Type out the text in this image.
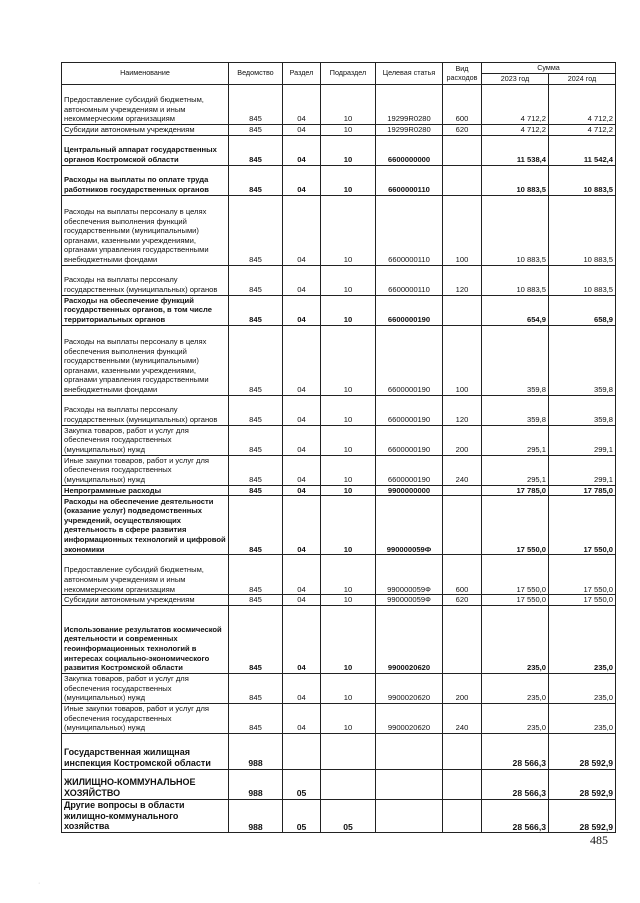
Наименование	Ведомство	Раздел	Подраздел	Целевая статья	Вид расходов	Сумма	
						2023 год	2024 год
Предоставление субсидий бюджетным, автономным учреждениям и иным некоммерческим организациям	845	04	10	19299R0280	600	4 712,2	4 712,2
Субсидии автономным учреждениям	845	04	10	19299R0280	620	4 712,2	4 712,2
Центральный аппарат государственных органов Костромской области	845	04	10	6600000000		11 538,4	11 542,4
Расходы на выплаты по оплате труда работников государственных органов	845	04	10	6600000110		10 883,5	10 883,5
Расходы на выплаты персоналу в целях обеспечения выполнения функций государственными (муниципальными) органами, казенными учреждениями, органами управления государственными внебюджетными фондами	845	04	10	6600000110	100	10 883,5	10 883,5
Расходы на выплаты персоналу государственных (муниципальных) органов	845	04	10	6600000110	120	10 883,5	10 883,5
Расходы на обеспечение функций государственных органов, в том числе территориальных органов	845	04	10	6600000190		654,9	658,9
Расходы на выплаты персоналу в целях обеспечения выполнения функций государственными (муниципальными) органами, казенными учреждениями, органами управления государственными внебюджетными фондами	845	04	10	6600000190	100	359,8	359,8
Расходы на выплаты персоналу государственных (муниципальных) органов	845	04	10	6600000190	120	359,8	359,8
Закупка товаров, работ и услуг для обеспечения государственных (муниципальных) нужд	845	04	10	6600000190	200	295,1	299,1
Иные закупки товаров, работ и услуг для обеспечения государственных (муниципальных) нужд	845	04	10	6600000190	240	295,1	299,1
Непрограммные расходы	845	04	10	9900000000		17 785,0	17 785,0
Расходы на обеспечение деятельности (оказание услуг) подведомственных учреждений, осуществляющих деятельность в сфере развития информационных технологий и цифровой экономики	845	04	10	990000059Ф		17 550,0	17 550,0
Предоставление субсидий бюджетным, автономным учреждениям и иным некоммерческим организациям	845	04	10	990000059Ф	600	17 550,0	17 550,0
Субсидии автономным учреждениям	845	04	10	990000059Ф	620	17 550,0	17 550,0
Использование результатов космической деятельности и современных геоинформационных технологий в интересах социально-экономического развития Костромской области	845	04	10	9900020620		235,0	235,0
Закупка товаров, работ и услуг для обеспечения государственных (муниципальных) нужд	845	04	10	9900020620	200	235,0	235,0
Иные закупки товаров, работ и услуг для обеспечения государственных (муниципальных) нужд	845	04	10	9900020620	240	235,0	235,0
Государственная жилищная инспекция Костромской области	988					28 566,3	28 592,9
ЖИЛИЩНО-КОММУНАЛЬНОЕ ХОЗЯЙСТВО	988	05				28 566,3	28 592,9
Другие вопросы в области жилищно-коммунального хозяйства	988	05	05			28 566,3	28 592,9
485
·
